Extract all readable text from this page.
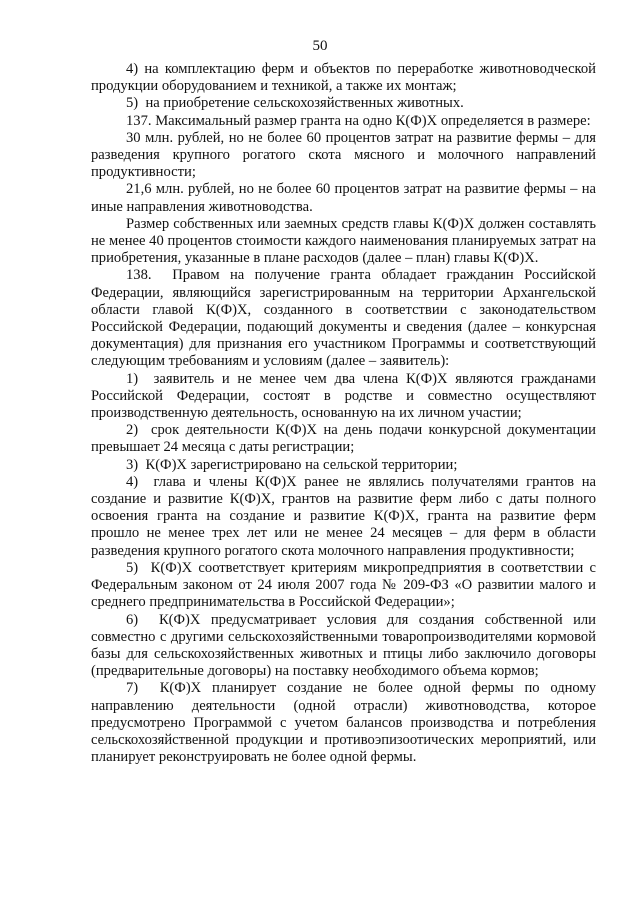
50

4) на комплектацию ферм и объектов по переработке животноводческой продукции оборудованием и техникой, а также их монтаж;

5)  на приобретение сельскохозяйственных животных.

137. Максимальный размер гранта на одно К(Ф)Х определяется в размере:

30 млн. рублей, но не более 60 процентов затрат на развитие фермы – для разведения крупного рогатого скота мясного и молочного направлений продуктивности;

21,6 млн. рублей, но не более 60 процентов затрат на развитие фермы – на иные направления животноводства.

Размер собственных или заемных средств главы К(Ф)Х должен составлять не менее 40 процентов стоимости каждого наименования планируемых затрат на приобретения, указанные в плане расходов (далее – план) главы К(Ф)Х.

138.  Правом на получение гранта обладает гражданин Российской Федерации, являющийся зарегистрированным на территории Архангельской области главой К(Ф)Х, созданного в соответствии с законодательством Российской Федерации, подающий документы и сведения (далее – конкурсная документация) для признания его участником Программы и соответствующий следующим требованиям и условиям (далее – заявитель):

1)  заявитель и не менее чем два члена К(Ф)Х являются гражданами Российской Федерации, состоят в родстве и совместно осуществляют производственную деятельность, основанную на их личном участии;

2)  срок деятельности К(Ф)Х на день подачи конкурсной документации превышает 24 месяца с даты регистрации;

3)  К(Ф)Х зарегистрировано на сельской территории;

4)  глава и члены К(Ф)Х ранее не являлись получателями грантов на создание и развитие К(Ф)Х, грантов на развитие ферм либо с даты полного освоения гранта на создание и развитие К(Ф)Х, гранта на развитие ферм прошло не менее трех лет или не менее 24 месяцев – для ферм в области разведения крупного рогатого скота молочного направления продуктивности;

5)  К(Ф)Х соответствует критериям микропредприятия в соответствии с Федеральным законом от 24 июля 2007 года № 209-ФЗ «О развитии малого и среднего предпринимательства в Российской Федерации»;

6)  К(Ф)Х предусматривает условия для создания собственной или совместно с другими сельскохозяйственными товаропроизводителями кормовой базы для сельскохозяйственных животных и птицы либо заключило договоры (предварительные договоры) на поставку необходимого объема кормов;

7)  К(Ф)Х планирует создание не более одной фермы по одному направлению деятельности (одной отрасли) животноводства, которое предусмотрено Программой с учетом балансов производства и потребления сельскохозяйственной продукции и противоэпизоотических мероприятий, или планирует реконструировать не более одной фермы.
